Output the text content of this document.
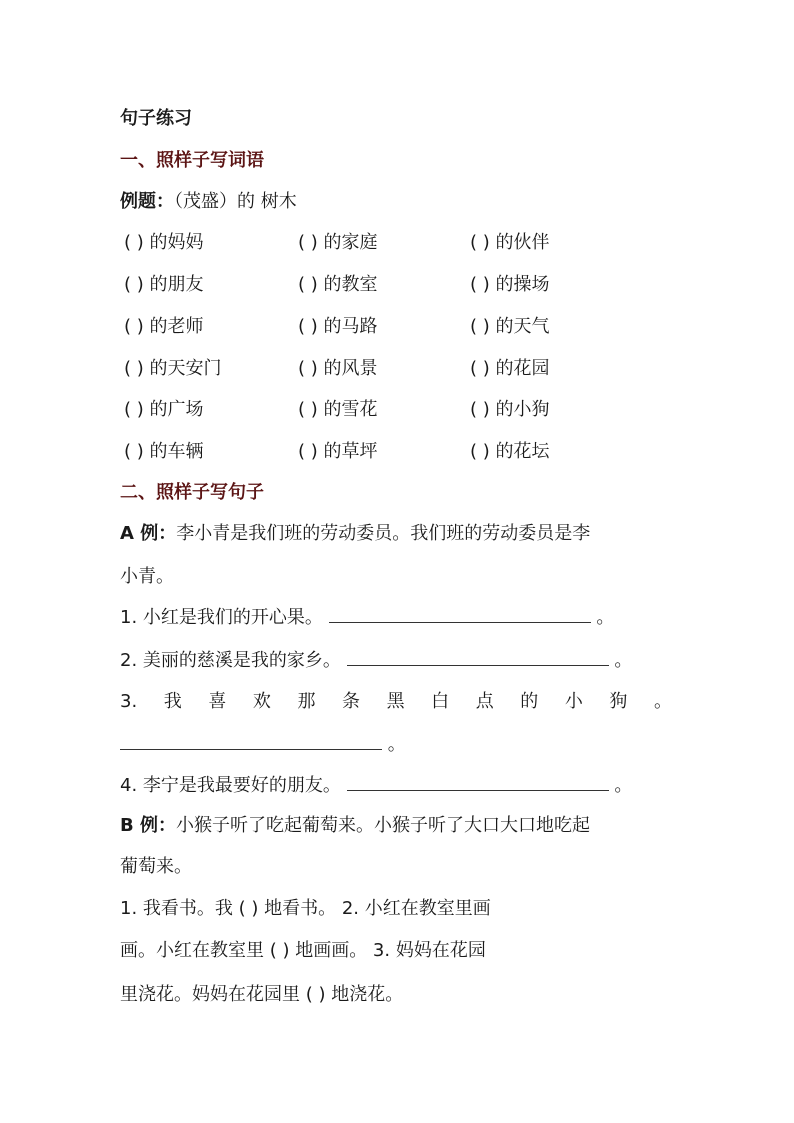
句子练习
一、照样子写词语
例题：（茂盛）的 树木
( ) 的妈妈	( ) 的家庭	( ) 的伙伴
( ) 的朋友	( ) 的教室	( ) 的操场
( ) 的老师	( ) 的马路	( ) 的天气
( ) 的天安门	( ) 的风景	( ) 的花园
( ) 的广场	( ) 的雪花	( ) 的小狗
( ) 的车辆	( ) 的草坪	( ) 的花坛
二、照样子写句子
A 例：李小青是我们班的劳动委员。我们班的劳动委员是李
小青。
1. 小红是我们的开心果。	。
2. 美丽的慈溪是我的家乡。	。
3. 我 喜 欢 那 条 黑 白 点 的 小 狗 。
。
4. 李宁是我最要好的朋友。	。
B 例：小猴子听了吃起葡萄来。小猴子听了大口大口地吃起
葡萄来。
1. 我看书。我 ( ) 地看书。 2. 小红在教室里画
画。小红在教室里 ( ) 地画画。 3. 妈妈在花园
里浇花。妈妈在花园里 ( ) 地浇花。
